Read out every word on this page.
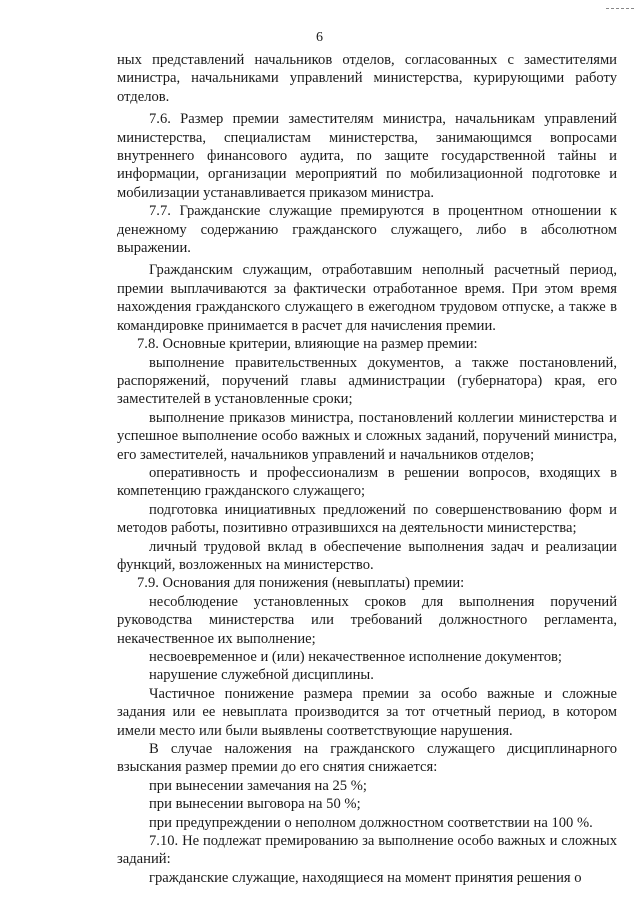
6

ных представлений начальников отделов, согласованных с заместителями министра, начальниками управлений министерства, курирующими работу отделов.

7.6. Размер премии заместителям министра, начальникам управлений министерства, специалистам министерства, занимающимся вопросами внутреннего финансового аудита, по защите государственной тайны и информации, организации мероприятий по мобилизационной подготовке и мобилизации устанавливается приказом министра.

7.7. Гражданские служащие премируются в процентном отношении к денежному содержанию гражданского служащего, либо в абсолютном выражении.

Гражданским служащим, отработавшим неполный расчетный период, премии выплачиваются за фактически отработанное время. При этом время нахождения гражданского служащего в ежегодном трудовом отпуске, а также в командировке принимается в расчет для начисления премии.

7.8. Основные критерии, влияющие на размер премии:

выполнение правительственных документов, а также постановлений, распоряжений, поручений главы администрации (губернатора) края, его заместителей в установленные сроки;

выполнение приказов министра, постановлений коллегии министерства и успешное выполнение особо важных и сложных заданий, поручений министра, его заместителей, начальников управлений и начальников отделов;

оперативность и профессионализм в решении вопросов, входящих в компетенцию гражданского служащего;

подготовка инициативных предложений по совершенствованию форм и методов работы, позитивно отразившихся на деятельности министерства;

личный трудовой вклад в обеспечение выполнения задач и реализации функций, возложенных на министерство.

7.9. Основания для понижения (невыплаты) премии:

несоблюдение установленных сроков для выполнения поручений руководства министерства или требований должностного регламента, некачественное их выполнение;

несвоевременное и (или) некачественное исполнение документов;

нарушение служебной дисциплины.

Частичное понижение размера премии за особо важные и сложные задания или ее невыплата производится за тот отчетный период, в котором имели место или были выявлены соответствующие нарушения.

В случае наложения на гражданского служащего дисциплинарного взыскания размер премии до его снятия снижается:

при вынесении замечания на 25 %;

при вынесении выговора на 50 %;

при предупреждении о неполном должностном соответствии на 100 %.

7.10. Не подлежат премированию за выполнение особо важных и сложных заданий:

гражданские служащие, находящиеся на момент принятия решения о
